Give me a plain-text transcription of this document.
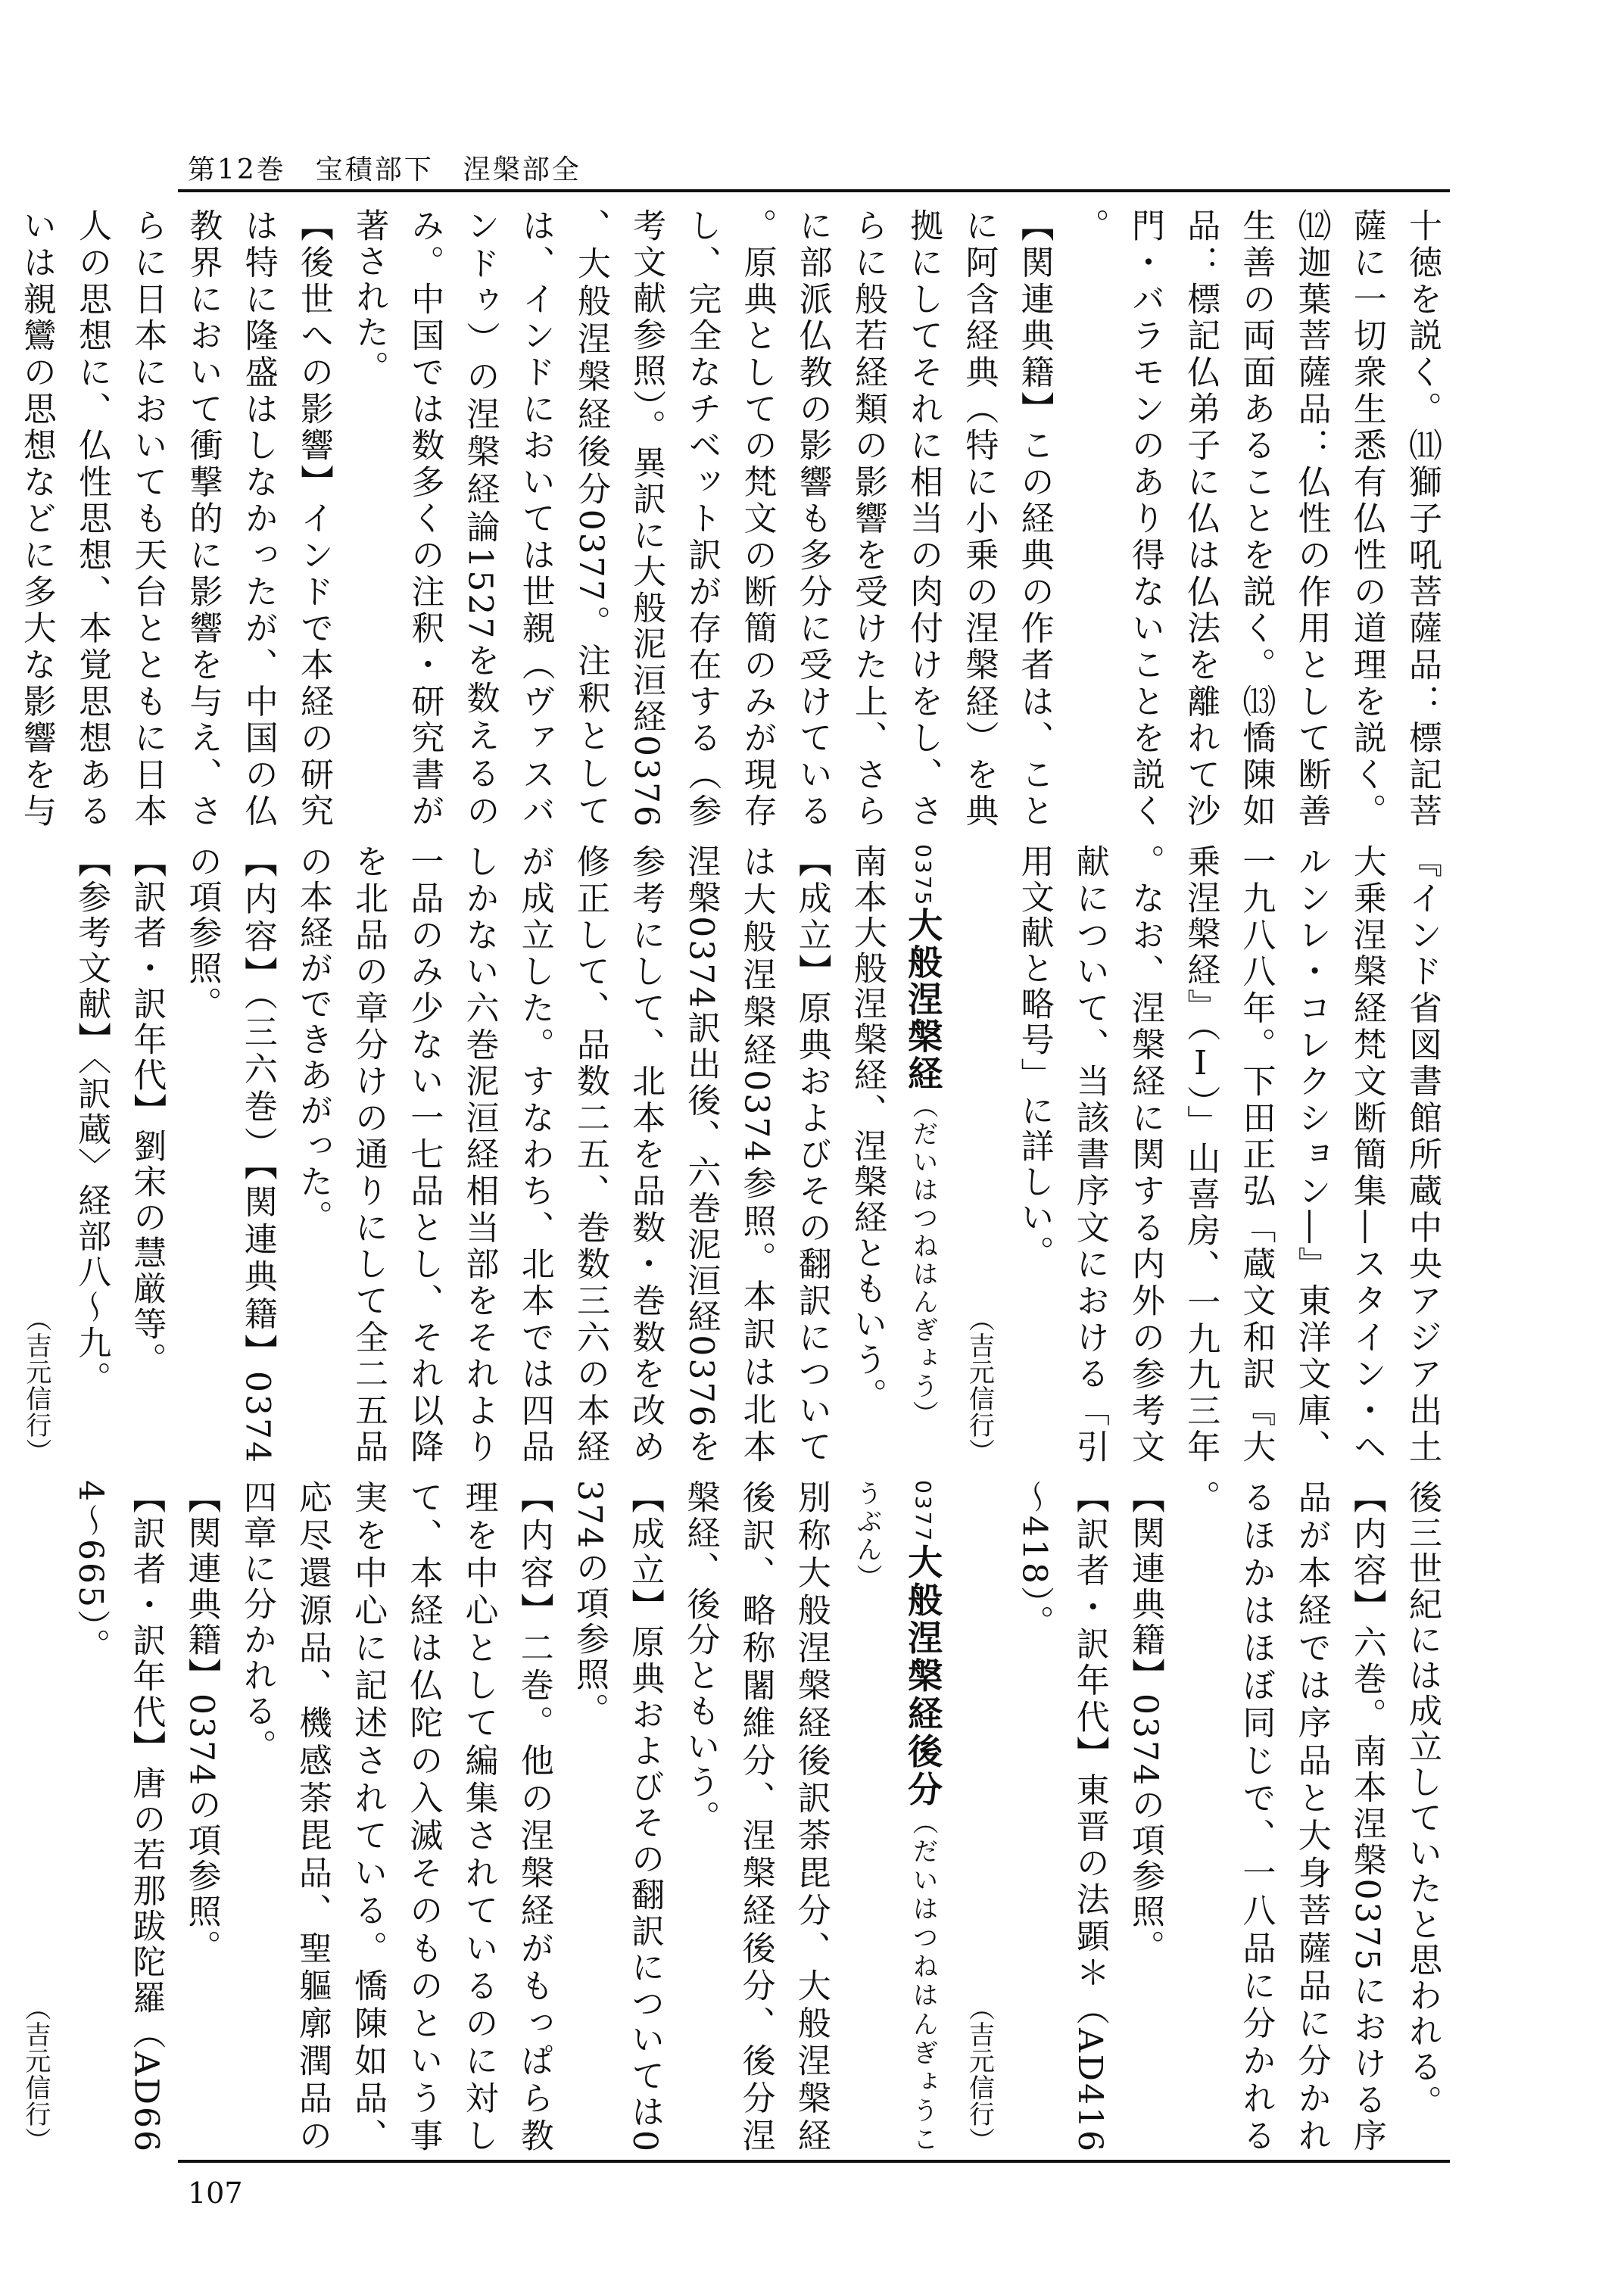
第12巻　宝積部下　涅槃部全

十徳を説く。⑾獅子吼菩薩品：標記菩薩に一切衆生悉有仏性の道理を説く。⑿迦葉菩薩品：仏性の作用として断善生善の両面あることを説く。⒀憍陳如品：標記仏弟子に仏は仏法を離れて沙門・バラモンのあり得ないことを説く。

【関連典籍】この経典の作者は、ことに阿含経典（特に小乗の涅槃経）を典拠にしてそれに相当の肉付けをし、さらに般若経類の影響を受けた上、さらに部派仏教の影響も多分に受けている。原典としての梵文の断簡のみが現存し、完全なチベット訳が存在する（参考文献参照）。異訳に大般泥洹経0376、大般涅槃経後分0377。注釈としては、インドにおいては世親（ヴァスバンドゥ）の涅槃経論1527を数えるのみ。中国では数多くの注釈・研究書が著された。

【後世への影響】インドで本経の研究は特に隆盛はしなかったが、中国の仏教界において衝撃的に影響を与え、さらに日本においても天台とともに日本人の思想に、仏性思想、本覚思想あるいは親鸞の思想などに多大な影響を与

『インド省図書館所蔵中央アジア出土大乗涅槃経梵文断簡集―スタイン・ヘルンレ・コレクション―』東洋文庫、一九八八年。下田正弘「蔵文和訳『大乗涅槃経』（Ⅰ）」山喜房、一九九三年。なお、涅槃経に関する内外の参考文献について、当該書序文における「引用文献と略号」に詳しい。

（吉元信行）

0375大般涅槃経（だいはつねはんぎょう）

南本大般涅槃経、涅槃経ともいう。

【成立】原典およびその翻訳については大般涅槃経0374参照。本訳は北本涅槃0374訳出後、六巻泥洹経0376を参考にして、北本を品数・巻数を改め修正して、品数二五、巻数三六の本経が成立した。すなわち、北本では四品しかない六巻泥洹経相当部をそれより一品のみ少ない一七品とし、それ以降を北品の章分けの通りにして全二五品の本経ができあがった。

【内容】（三六巻）【関連典籍】0374の項参照。

【訳者・訳年代】劉宋の慧厳等。

【参考文献】〈訳蔵〉経部八～九。

（吉元信行）

後三世紀には成立していたと思われる。

【内容】六巻。南本涅槃0375における序品が本経では序品と大身菩薩品に分かれるほかはほぼ同じで、一八品に分かれる。

【関連典籍】0374の項参照。

【訳者・訳年代】東晋の法顕＊（AD416～418）。

（吉元信行）

0377大般涅槃経後分（だいはつねはんぎょうこうぶん）

別称大般涅槃経後訳荼毘分、大般涅槃経後訳、略称闍維分、涅槃経後分、後分涅槃経、後分ともいう。

【成立】原典およびその翻訳については0374の項参照。

【内容】二巻。他の涅槃経がもっぱら教理を中心として編集されているのに対して、本経は仏陀の入滅そのものという事実を中心に記述されている。憍陳如品、応尽還源品、機感荼毘品、聖軀廓潤品の四章に分かれる。

【関連典籍】0374の項参照。

【訳者・訳年代】唐の若那跋陀羅（AD664～665）。

（吉元信行）

107
